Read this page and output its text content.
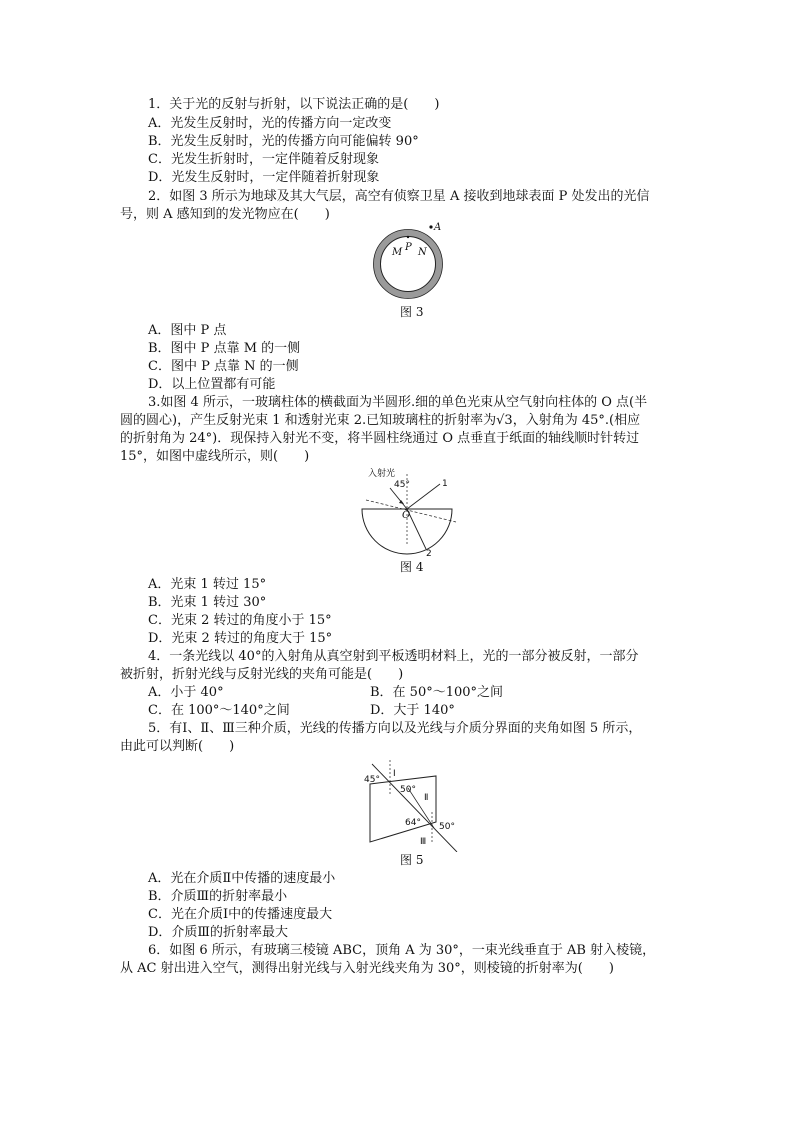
1．关于光的反射与折射，以下说法正确的是(　　)
A．光发生反射时，光的传播方向一定改变
B．光发生反射时，光的传播方向可能偏转 90°
C．光发生折射时，一定伴随着反射现象
D．光发生反射时，一定伴随着折射现象
2．如图 3 所示为地球及其大气层，高空有侦察卫星 A 接收到地球表面 P 处发出的光信
号，则 A 感知到的发光物应在(　　)
A
P
M N
图 3
A．图中 P 点
B．图中 P 点靠 M 的一侧
C．图中 P 点靠 N 的一侧
D．以上位置都有可能
3.如图 4 所示，一玻璃柱体的横截面为半圆形.细的单色光束从空气射向柱体的 O 点(半
圆的圆心)，产生反射光束 1 和透射光束 2.已知玻璃柱的折射率为√3，入射角为 45°.(相应
的折射角为 24°)．现保持入射光不变，将半圆柱绕通过 O 点垂直于纸面的轴线顺时针转过
15°，如图中虚线所示，则(　　)
入射光
1
2
45°
O
图 4
A．光束 1 转过 15°
B．光束 1 转过 30°
C．光束 2 转过的角度小于 15°
D．光束 2 转过的角度大于 15°
4．一条光线以 40°的入射角从真空射到平板透明材料上，光的一部分被反射，一部分
被折射，折射光线与反射光线的夹角可能是(　　)
A．小于 40°	B．在 50°～100°之间
C．在 100°～140°之间	D．大于 140°
5．有Ⅰ、Ⅱ、Ⅲ三种介质，光线的传播方向以及光线与介质分界面的夹角如图 5 所示，
由此可以判断(　　)
45°
Ⅰ
50°
Ⅱ
64° 50°
Ⅲ
图 5
A．光在介质Ⅱ中传播的速度最小
B．介质Ⅲ的折射率最小
C．光在介质Ⅰ中的传播速度最大
D．介质Ⅲ的折射率最大
6．如图 6 所示，有玻璃三棱镜 ABC，顶角 A 为 30°，一束光线垂直于 AB 射入棱镜，
从 AC 射出进入空气，测得出射光线与入射光线夹角为 30°，则棱镜的折射率为(　　)
